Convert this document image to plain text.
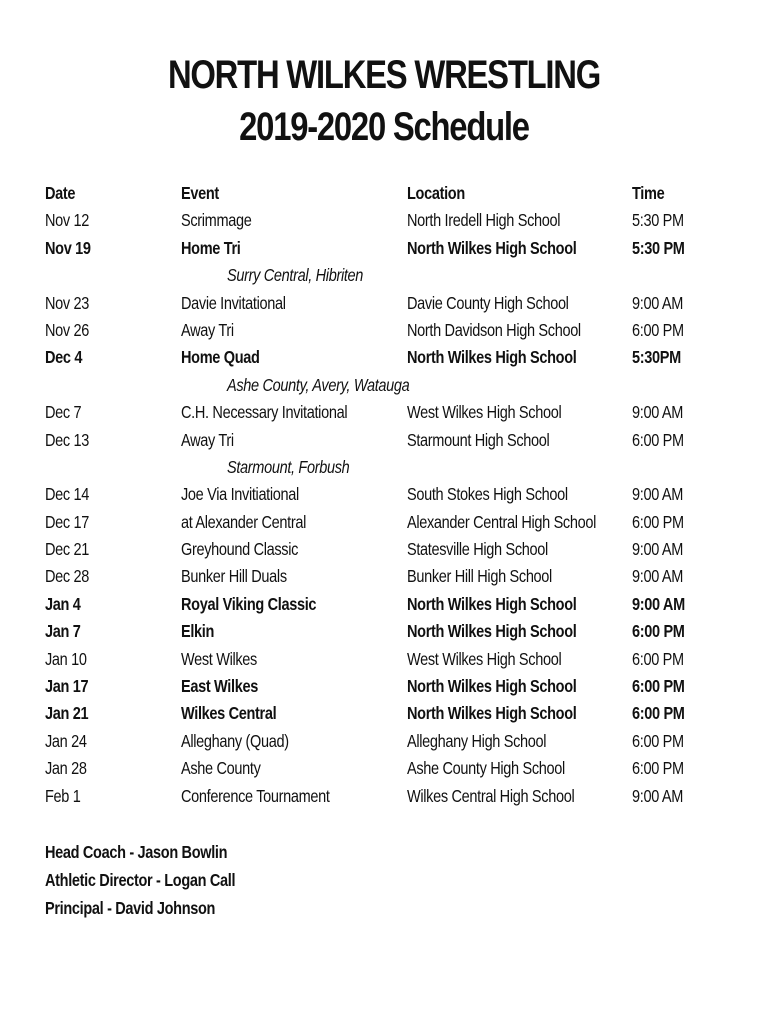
NORTH WILKES WRESTLING
2019-2020 Schedule
Date	Event	Location	Time
Nov 12	Scrimmage	North Iredell High School	5:30 PM
Nov 19	Home Tri	North Wilkes High School	5:30 PM
Surry Central, Hibriten
Nov 23	Davie Invitational	Davie County High School	9:00 AM
Nov 26	Away Tri	North Davidson High School	6:00 PM
Dec 4	Home Quad	North Wilkes High School	5:30PM
Ashe County, Avery, Watauga
Dec 7	C.H. Necessary Invitational	West Wilkes High School	9:00 AM
Dec 13	Away Tri	Starmount High School	6:00 PM
Starmount, Forbush
Dec 14	Joe Via Invitiational	South Stokes High School	9:00 AM
Dec 17	at Alexander Central	Alexander Central High School 6:00 PM
Dec 21	Greyhound Classic	Statesville High School	9:00 AM
Dec 28	Bunker Hill Duals	Bunker Hill High School	9:00 AM
Jan 4	Royal Viking Classic	North Wilkes High School	9:00 AM
Jan 7	Elkin	North Wilkes High School	6:00 PM
Jan 10	West Wilkes	West Wilkes High School	6:00 PM
Jan 17	East Wilkes	North Wilkes High School	6:00 PM
Jan 21	Wilkes Central	North Wilkes High School	6:00 PM
Jan 24	Alleghany (Quad)	Alleghany High School	6:00 PM
Jan 28	Ashe County	Ashe County High School	6:00 PM
Feb 1	Conference Tournament	Wilkes Central High School	9:00 AM
Head Coach - Jason Bowlin
Athletic Director - Logan Call
Principal - David Johnson
